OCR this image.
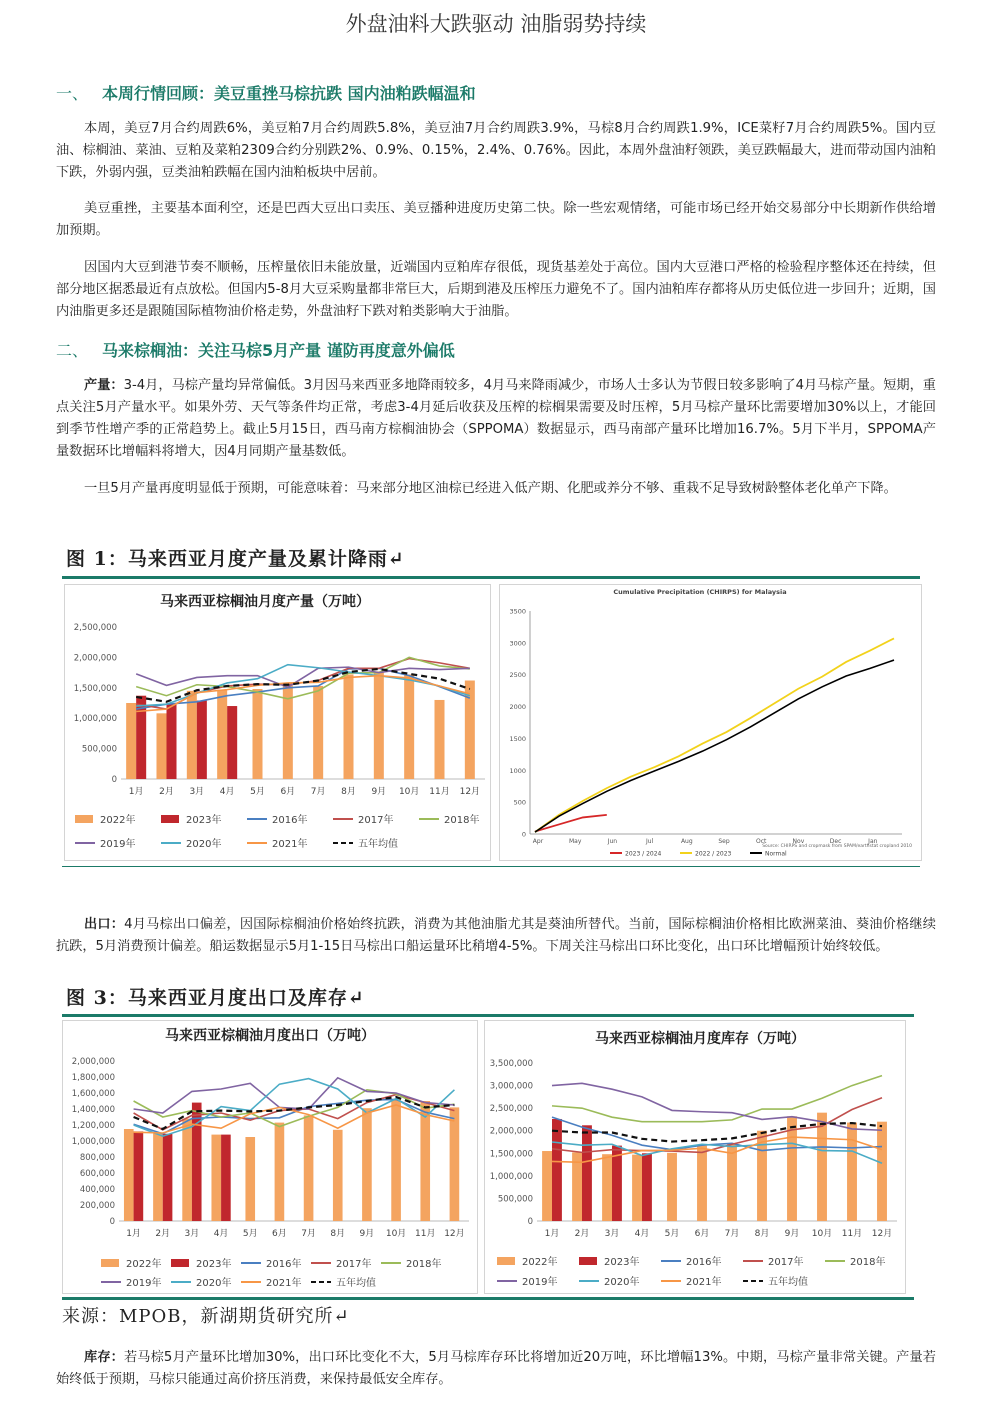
外盘油料大跌驱动 油脂弱势持续
一、 本周行情回顾：美豆重挫马棕抗跌 国内油粕跌幅温和

本周，美豆7月合约周跌6%，美豆粕7月合约周跌5.8%，美豆油7月合约周跌3.9%，马棕8月合约周跌1.9%，ICE菜籽7月合约周跌5%。国内豆油、棕榈油、菜油、豆粕及菜粕2309合约分别跌2%、0.9%、0.15%，2.4%、0.76%。因此，本周外盘油籽领跌，美豆跌幅最大，进而带动国内油粕下跌，外弱内强，豆类油粕跌幅在国内油粕板块中居前。

美豆重挫，主要基本面利空，还是巴西大豆出口卖压、美豆播种进度历史第二快。除一些宏观情绪，可能市场已经开始交易部分中长期新作供给增加预期。

因国内大豆到港节奏不顺畅，压榨量依旧未能放量，近端国内豆粕库存很低，现货基差处于高位。国内大豆港口严格的检验程序整体还在持续，但部分地区据悉最近有点放松。但国内5-8月大豆采购量都非常巨大，后期到港及压榨压力避免不了。国内油粕库存都将从历史低位进一步回升；近期，国内油脂更多还是跟随国际植物油价格走势，外盘油籽下跌对粕类影响大于油脂。

二、 马来棕榈油：关注马棕5月产量 谨防再度意外偏低

产量：3-4月，马棕产量均异常偏低。3月因马来西亚多地降雨较多，4月马来降雨减少，市场人士多认为节假日较多影响了4月马棕产量。短期，重点关注5月产量水平。如果外劳、天气等条件均正常，考虑3-4月延后收获及压榨的棕榈果需要及时压榨，5月马棕产量环比需要增加30%以上，才能回到季节性增产季的正常趋势上。截止5月15日，西马南方棕榈油协会（SPPOMA）数据显示，西马南部产量环比增加16.7%。5月下半月，SPPOMA产量数据环比增幅料将增大，因4月同期产量基数低。

一旦5月产量再度明显低于预期，可能意味着：马来部分地区油棕已经进入低产期、化肥或养分不够、重栽不足导致树龄整体老化单产下降。

图 1：马来西亚月度产量及累计降雨↵
马来西亚棕榈油月度产量（万吨）
2,500,000
2,000,000
1,500,000
1,000,000
500,000
0
1月 2月 3月 4月 5月 6月 7月 8月 9月 10月 11月 12月
2022年	2023年	2016年	2017年	2018年
2019年	2020年	2021年	五年均值
Cumulative Precipitation (CHIRPS) for Malaysia
3500
3000
2500
2000
1500
1000
500
0
Apr	May	Jun	Jul	Aug	Sep	Oct	Nov	Dec	Jan
Source: CHIRPS and cropmask from SPAM/earthstat cropland 2010
2023 / 2024	2022 / 2023	Normal

出口：4月马棕出口偏差，因国际棕榈油价格始终抗跌，消费为其他油脂尤其是葵油所替代。当前，国际棕榈油价格相比欧洲菜油、葵油价格继续抗跌，5月消费预计偏差。船运数据显示5月1-15日马棕出口船运量环比稍增4-5%。下周关注马棕出口环比变化，出口环比增幅预计始终较低。

图 3：马来西亚月度出口及库存↵
马来西亚棕榈油月度出口（万吨）
2,000,000
1,800,000
1,600,000
1,400,000
1,200,000
1,000,000
800,000
600,000
400,000
200,000
0
1月 2月 3月 4月 5月 6月 7月 8月 9月 10月 11月 12月
2022年	2023年	2016年	2017年	2018年
2019年	2020年	2021年	五年均值
马来西亚棕榈油月度库存（万吨）
3,500,000
3,000,000
2,500,000
2,000,000
1,500,000
1,000,000
500,000
0
1月 2月 3月 4月 5月 6月 7月 8月 9月 10月 11月 12月
2022年	2023年	2016年	2017年	2018年
2019年	2020年	2021年	五年均值
来源：MPOB，新湖期货研究所↵

库存：若马棕5月产量环比增加30%，出口环比变化不大，5月马棕库存环比将增加近20万吨，环比增幅13%。中期，马棕产量非常关键。产量若始终低于预期，马棕只能通过高价挤压消费，来保持最低安全库存。
